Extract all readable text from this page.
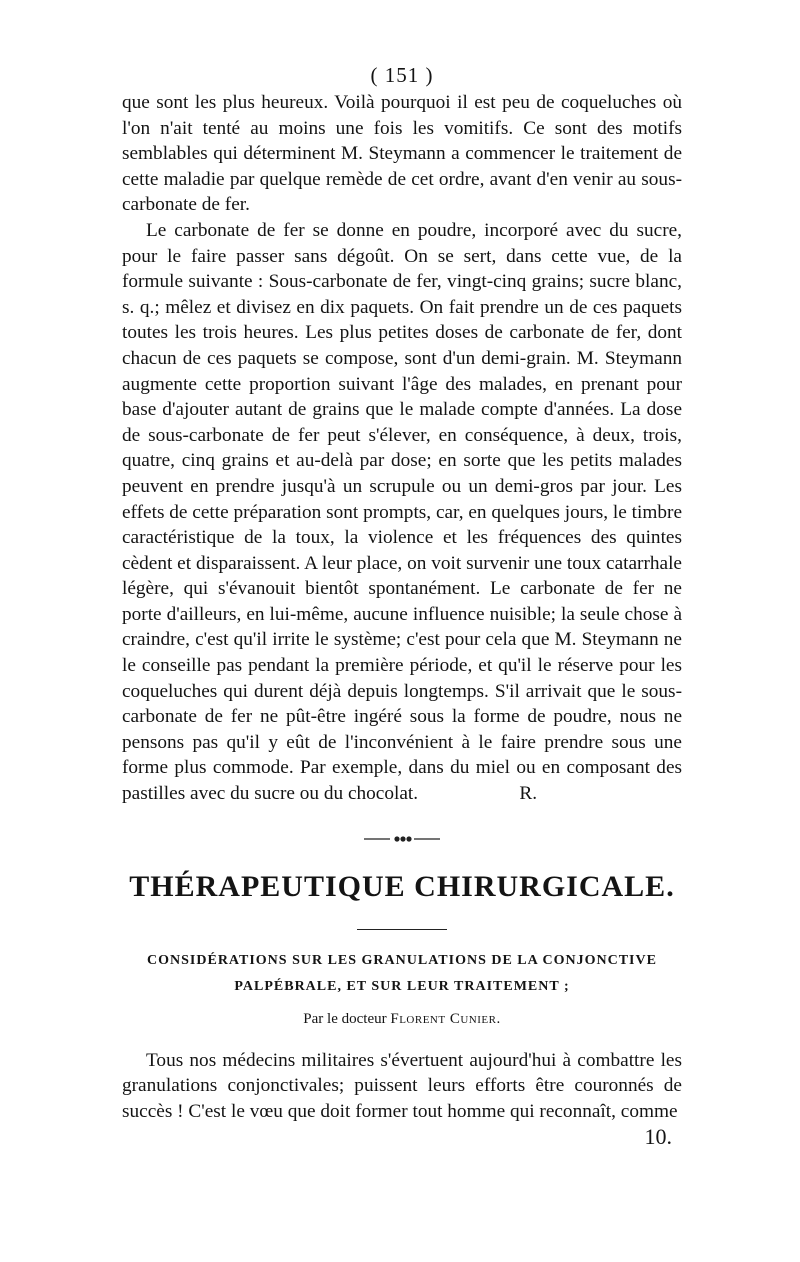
( 151 )

que sont les plus heureux. Voilà pourquoi il est peu de coqueluches où l'on n'ait tenté au moins une fois les vomitifs. Ce sont des motifs semblables qui déterminent M. Steymann a commencer le traitement de cette maladie par quelque remède de cet ordre, avant d'en venir au sous-carbonate de fer.

Le carbonate de fer se donne en poudre, incorporé avec du sucre, pour le faire passer sans dégoût. On se sert, dans cette vue, de la formule suivante : Sous-carbonate de fer, vingt-cinq grains; sucre blanc, s. q.; mêlez et divisez en dix paquets. On fait prendre un de ces paquets toutes les trois heures. Les plus petites doses de carbonate de fer, dont chacun de ces paquets se compose, sont d'un demi-grain. M. Steymann augmente cette proportion suivant l'âge des malades, en prenant pour base d'ajouter autant de grains que le malade compte d'années. La dose de sous-carbonate de fer peut s'élever, en conséquence, à deux, trois, quatre, cinq grains et au-delà par dose; en sorte que les petits malades peuvent en prendre jusqu'à un scrupule ou un demi-gros par jour. Les effets de cette préparation sont prompts, car, en quelques jours, le timbre caractéristique de la toux, la violence et les fréquences des quintes cèdent et disparaissent. A leur place, on voit survenir une toux catarrhale légère, qui s'évanouit bientôt spontanément. Le carbonate de fer ne porte d'ailleurs, en lui-même, aucune influence nuisible; la seule chose à craindre, c'est qu'il irrite le système; c'est pour cela que M. Steymann ne le conseille pas pendant la première période, et qu'il le réserve pour les coqueluches qui durent déjà depuis longtemps. S'il arrivait que le sous-carbonate de fer ne pût-être ingéré sous la forme de poudre, nous ne pensons pas qu'il y eût de l'inconvénient à le faire prendre sous une forme plus commode. Par exemple, dans du miel ou en composant des pastilles avec du sucre ou du chocolat.	R.

THÉRAPEUTIQUE CHIRURGICALE.
CONSIDÉRATIONS SUR LES GRANULATIONS DE LA CONJONCTIVE
PALPÉBRALE, ET SUR LEUR TRAITEMENT ;
Par le docteur Florent Cunier.

Tous nos médecins militaires s'évertuent aujourd'hui à combattre les granulations conjonctivales; puissent leurs efforts être couronnés de succès ! C'est le vœu que doit former tout homme qui reconnaît, comme

10.
